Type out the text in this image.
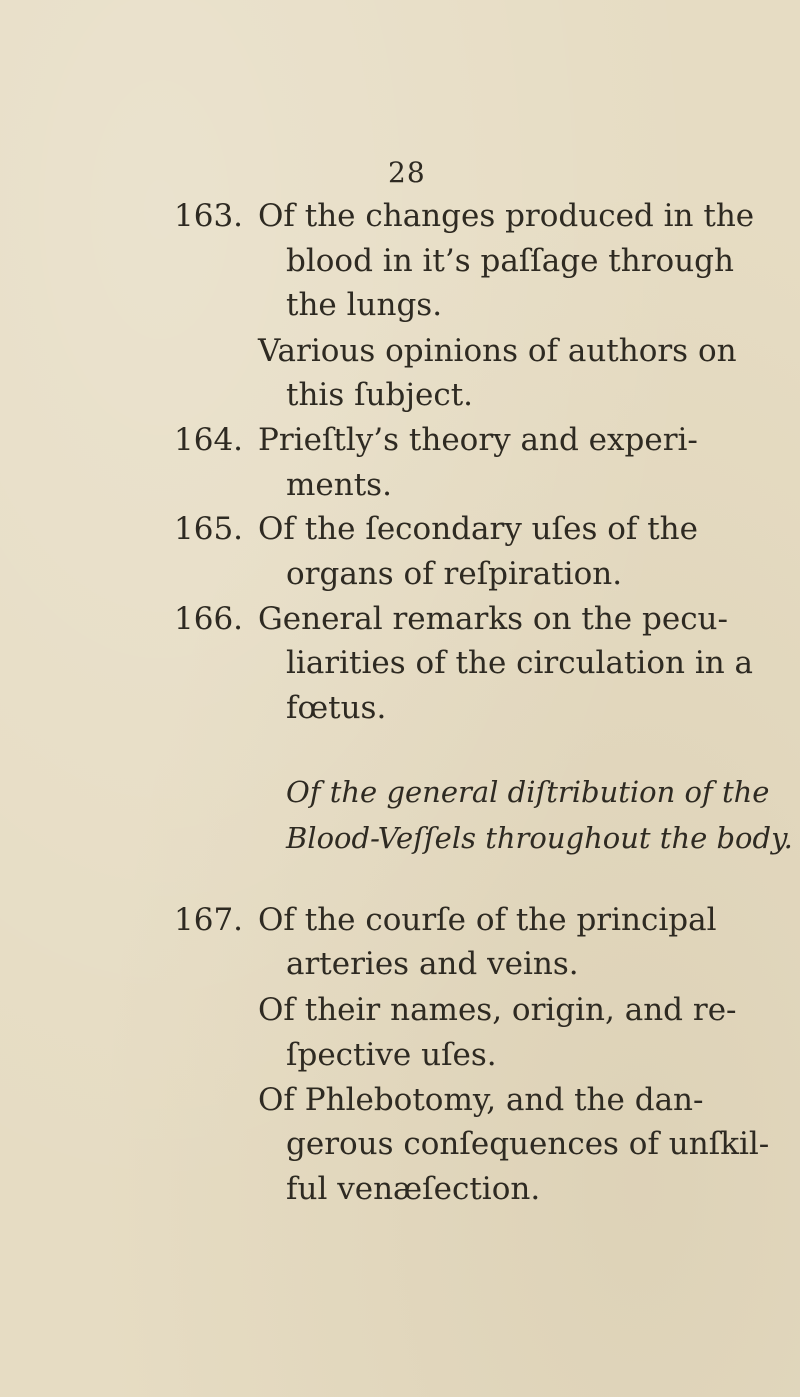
28
163. Of the changes produced in the
blood in it’s paſſage through
the lungs.
Various opinions of authors on
this ſubject.
164. Prieſtly’s theory and experi-
ments.
165. Of the ſecondary uſes of the
organs of reſpiration.
166. General remarks on the pecu-
liarities of the circulation in a
fœtus.
Of the general diſtribution of the
Blood-Veſſels throughout the body.
167. Of the courſe of the principal
arteries and veins.
Of their names, origin, and re-
ſpective uſes.
Of Phlebotomy, and the dan-
gerous conſequences of unſkil-
ful venæſection.
